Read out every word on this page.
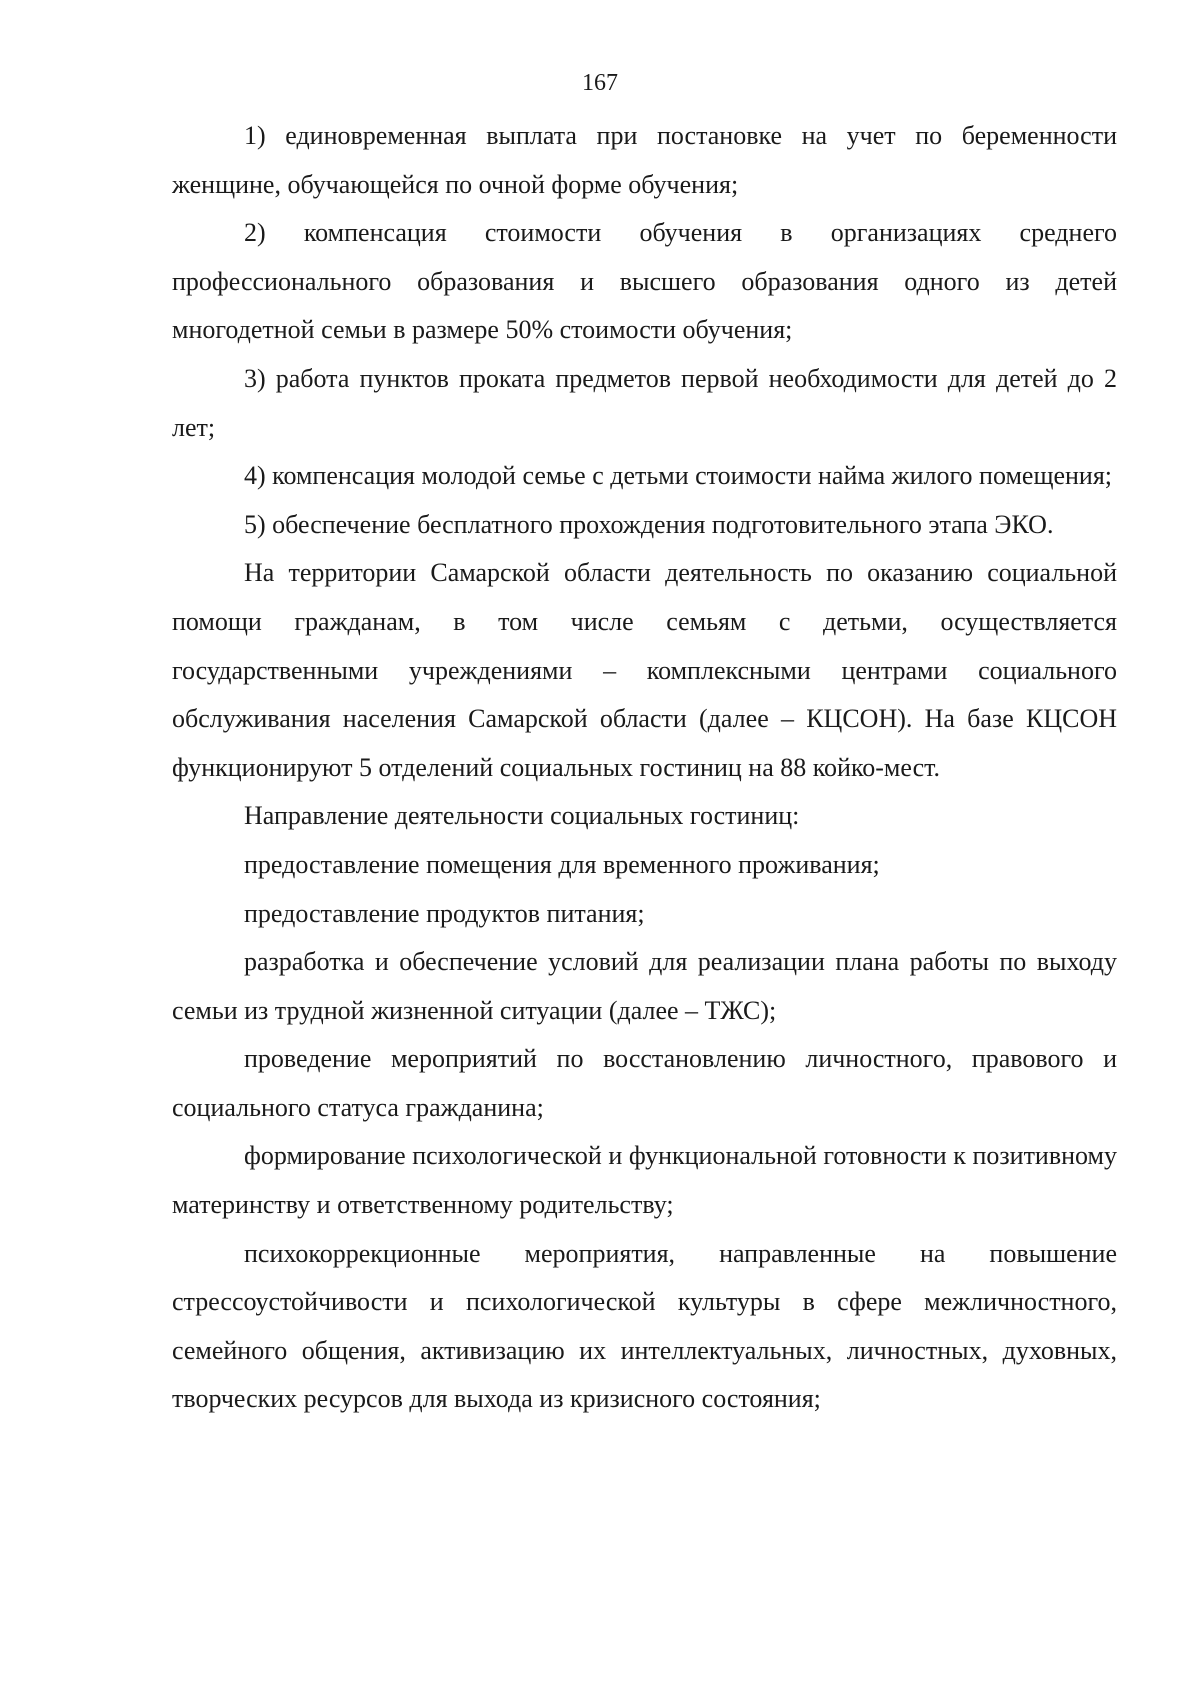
167

1) единовременная выплата при постановке на учет по беременности женщине, обучающейся по очной форме обучения;

2) компенсация стоимости обучения в организациях среднего профессионального образования и высшего образования одного из детей многодетной семьи в размере 50% стоимости обучения;

3) работа пунктов проката предметов первой необходимости для детей до 2 лет;

4) компенсация молодой семье с детьми стоимости найма жилого помещения;

5) обеспечение бесплатного прохождения подготовительного этапа ЭКО.

На территории Самарской области деятельность по оказанию социальной помощи гражданам, в том числе семьям с детьми, осуществляется государственными учреждениями – комплексными центрами социального обслуживания населения Самарской области (далее – КЦСОН). На базе КЦСОН функционируют 5 отделений социальных гостиниц на 88 койко-мест.

Направление деятельности социальных гостиниц:

предоставление помещения для временного проживания;

предоставление продуктов питания;

разработка и обеспечение условий для реализации плана работы по выходу семьи из трудной жизненной ситуации (далее – ТЖС);

проведение мероприятий по восстановлению личностного, правового и социального статуса гражданина;

формирование психологической и функциональной готовности к позитивному материнству и ответственному родительству;

психокоррекционные мероприятия, направленные на повышение стрессоустойчивости и психологической культуры в сфере межличностного, семейного общения, активизацию их интеллектуальных, личностных, духовных, творческих ресурсов для выхода из кризисного состояния;
